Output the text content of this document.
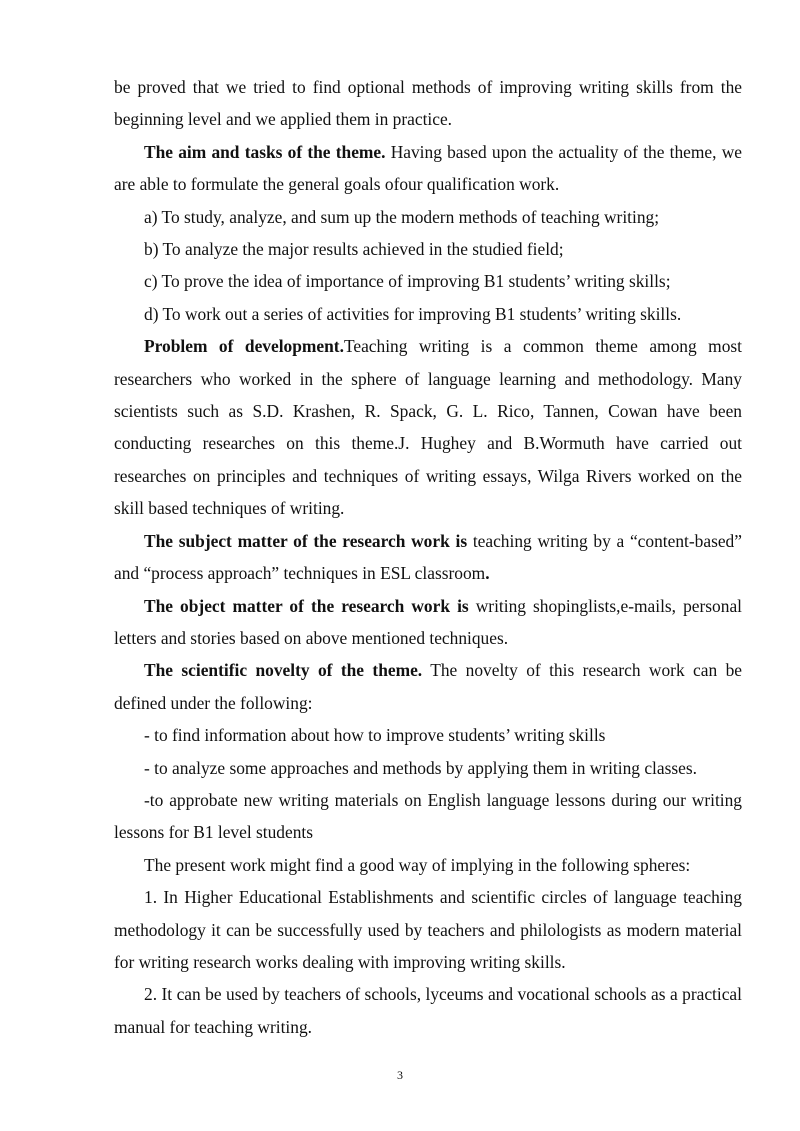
be proved that we tried to find optional methods of improving writing skills from the beginning level and we applied them in practice.

The aim and tasks of the theme. Having based upon the actuality of the theme, we are able to formulate the general goals ofour qualification work.

a) To study, analyze, and sum up the modern methods of teaching writing;

b) To analyze the major results achieved in the studied field;

c) To prove the idea of importance of improving B1 students’ writing skills;

d) To work out a series of activities for improving B1 students’ writing skills.

Problem of development.Teaching writing is a common theme among most researchers who worked in the sphere of language learning and methodology. Many scientists such as S.D. Krashen, R. Spack, G. L. Rico, Tannen, Cowan have been conducting researches on this theme.J. Hughey and B.Wormuth have carried out researches on principles and techniques of writing essays, Wilga Rivers worked on the skill based techniques of writing.

The subject matter of the research work is teaching writing by a “content-based” and “process approach” techniques in ESL classroom.

The object matter of the research work is writing shopinglists,e-mails, personal letters and stories based on above mentioned techniques.

The scientific novelty of the theme. The novelty of this research work can be defined under the following:

- to find information about how to improve students’ writing skills

- to analyze some approaches and methods by applying them in writing classes.

-to approbate new writing materials on English language lessons during our writing lessons for B1 level students

The present work might find a good way of implying in the following spheres:

1. In Higher Educational Establishments and scientific circles of language teaching methodology it can be successfully used by teachers and philologists as modern material for writing research works dealing with improving writing skills.

2. It can be used by teachers of schools, lyceums and vocational schools as a practical manual for teaching writing.

3
